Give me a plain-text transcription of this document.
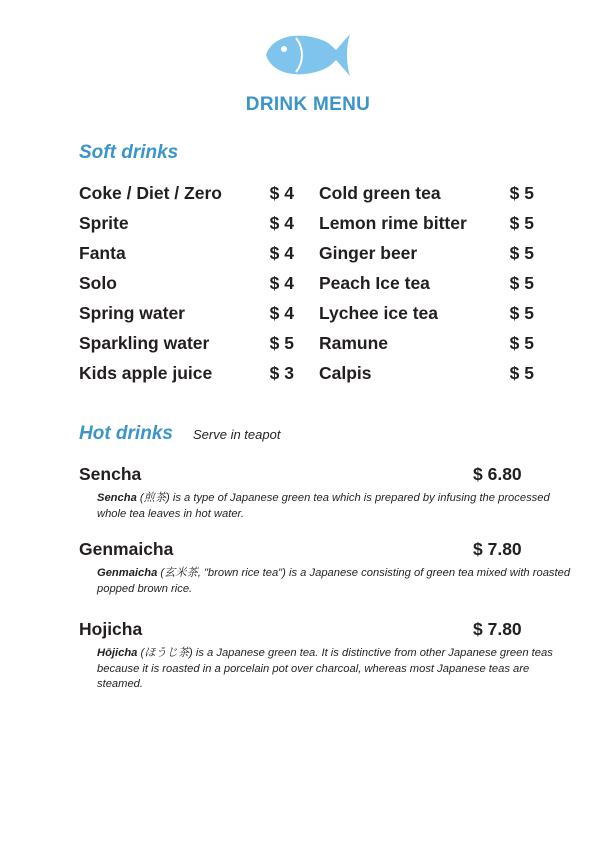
DRINK MENU
Soft drinks
Coke / Diet / Zero	$ 4
Sprite	$ 4
Fanta	$ 4
Solo	$ 4
Spring water	$ 4
Sparkling water	$ 5
Kids apple juice	$ 3
Cold green tea	$ 5
Lemon rime bitter $ 5
Ginger beer	$ 5
Peach Ice tea	$ 5
Lychee ice tea	$ 5
Ramune	$ 5
Calpis	$ 5
Hot drinks Serve in teapot
Sencha	$ 6.80
Sencha (煎茶) is a type of Japanese green tea which is prepared by infusing the processed whole tea leaves in hot water.
Genmaicha	$ 7.80
Genmaicha (玄米茶, "brown rice tea") is a Japanese consisting of green tea mixed with roasted popped brown rice.
Hojicha	$ 7.80
Hōjicha (ほうじ茶) is a Japanese green tea. It is distinctive from other Japanese green teas because it is roasted in a porcelain pot over charcoal, whereas most Japanese teas are steamed.
